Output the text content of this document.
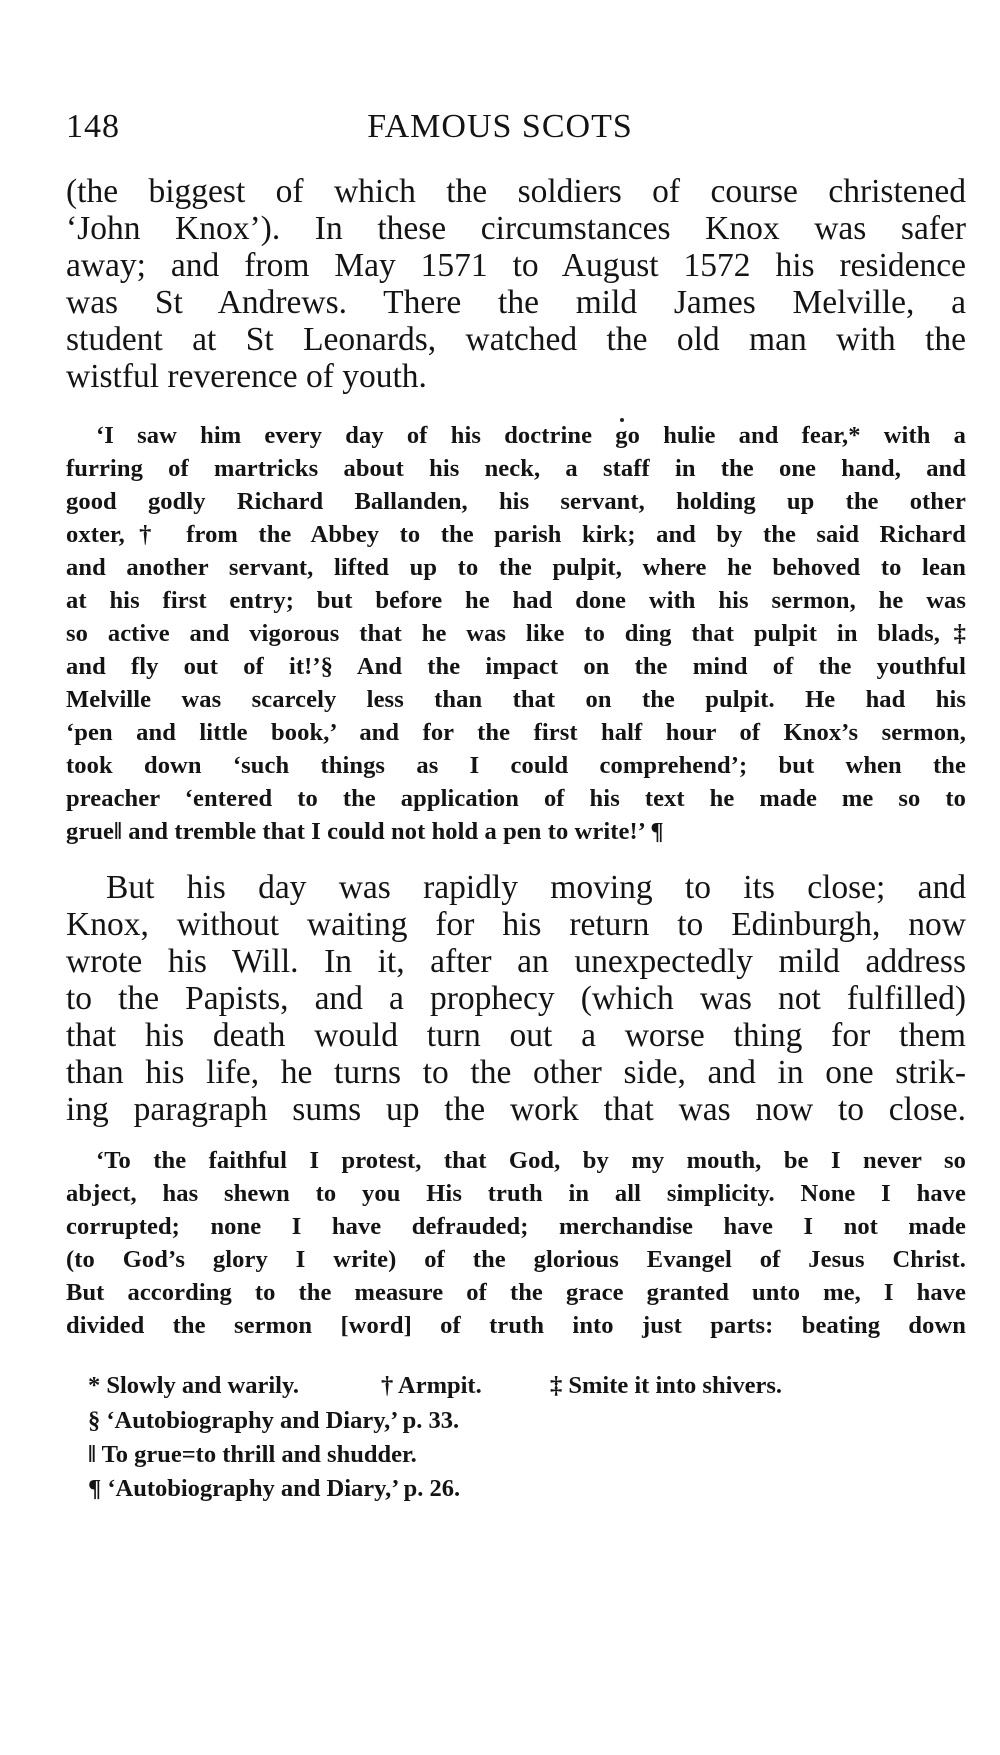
148	FAMOUS SCOTS
(the biggest of which the soldiers of course christened
‘John Knox’). In these circumstances Knox was safer
away; and from May 1571 to August 1572 his residence
was St Andrews. There the mild James Melville, a
student at St Leonards, watched the old man with the
wistful reverence of youth.
‘I saw him every day of his doctrine go hulie and fear,* with a
furring of martricks about his neck, a staff in the one hand, and
good godly Richard Ballanden, his servant, holding up the other
oxter,† from the Abbey to the parish kirk; and by the said Richard
and another servant, lifted up to the pulpit, where he behoved to lean
at his first entry; but before he had done with his sermon, he was
so active and vigorous that he was like to ding that pulpit in blads,‡
and fly out of it!’§ And the impact on the mind of the youthful
Melville was scarcely less than that on the pulpit. He had his
‘pen and little book,’ and for the first half hour of Knox’s sermon,
took down ‘such things as I could comprehend’; but when the
preacher ‘entered to the application of his text he made me so to
grue‖ and tremble that I could not hold a pen to write!’ ¶
But his day was rapidly moving to its close; and
Knox, without waiting for his return to Edinburgh, now
wrote his Will. In it, after an unexpectedly mild address
to the Papists, and a prophecy (which was not fulfilled)
that his death would turn out a worse thing for them
than his life, he turns to the other side, and in one strik-
ing paragraph sums up the work that was now to close.
‘To the faithful I protest, that God, by my mouth, be I never so
abject, has shewn to you His truth in all simplicity. None I have
corrupted; none I have defrauded; merchandise have I not made
(to God’s glory I write) of the glorious Evangel of Jesus Christ.
But according to the measure of the grace granted unto me, I have
divided the sermon [word] of truth into just parts: beating down
* Slowly and warily.	† Armpit.	‡ Smite it into shivers.
§ ‘Autobiography and Diary,’ p. 33.
‖ To grue=to thrill and shudder.
¶ ‘Autobiography and Diary,’ p. 26.
